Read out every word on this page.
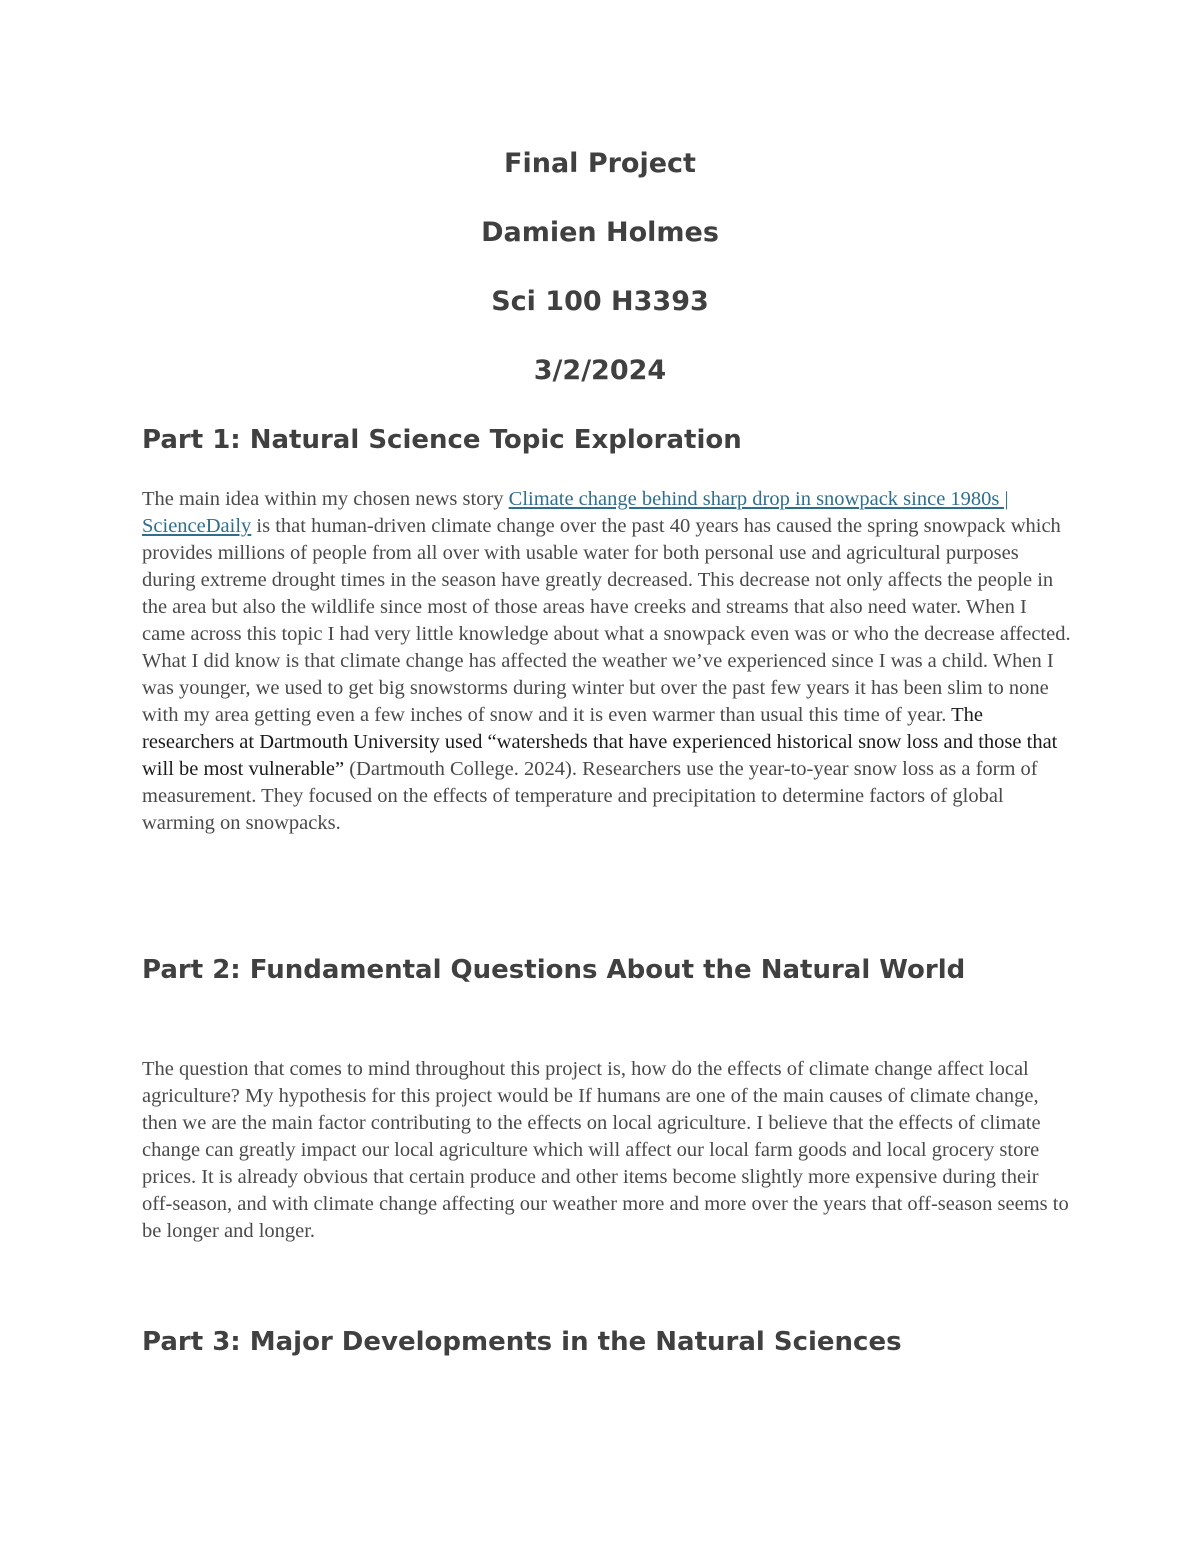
Final Project
Damien Holmes
Sci 100 H3393
3/2/2024
Part 1: Natural Science Topic Exploration
The main idea within my chosen news story Climate change behind sharp drop in snowpack since 1980s | ScienceDaily is that human-driven climate change over the past 40 years has caused the spring snowpack which provides millions of people from all over with usable water for both personal use and agricultural purposes during extreme drought times in the season have greatly decreased. This decrease not only affects the people in the area but also the wildlife since most of those areas have creeks and streams that also need water. When I came across this topic I had very little knowledge about what a snowpack even was or who the decrease affected. What I did know is that climate change has affected the weather we’ve experienced since I was a child. When I was younger, we used to get big snowstorms during winter but over the past few years it has been slim to none with my area getting even a few inches of snow and it is even warmer than usual this time of year. The researchers at Dartmouth University used “watersheds that have experienced historical snow loss and those that will be most vulnerable” (Dartmouth College. 2024). Researchers use the year-to-year snow loss as a form of measurement. They focused on the effects of temperature and precipitation to determine factors of global warming on snowpacks.
Part 2: Fundamental Questions About the Natural World
The question that comes to mind throughout this project is, how do the effects of climate change affect local agriculture? My hypothesis for this project would be If humans are one of the main causes of climate change, then we are the main factor contributing to the effects on local agriculture. I believe that the effects of climate change can greatly impact our local agriculture which will affect our local farm goods and local grocery store prices. It is already obvious that certain produce and other items become slightly more expensive during their off-season, and with climate change affecting our weather more and more over the years that off-season seems to be longer and longer.
Part 3: Major Developments in the Natural Sciences
